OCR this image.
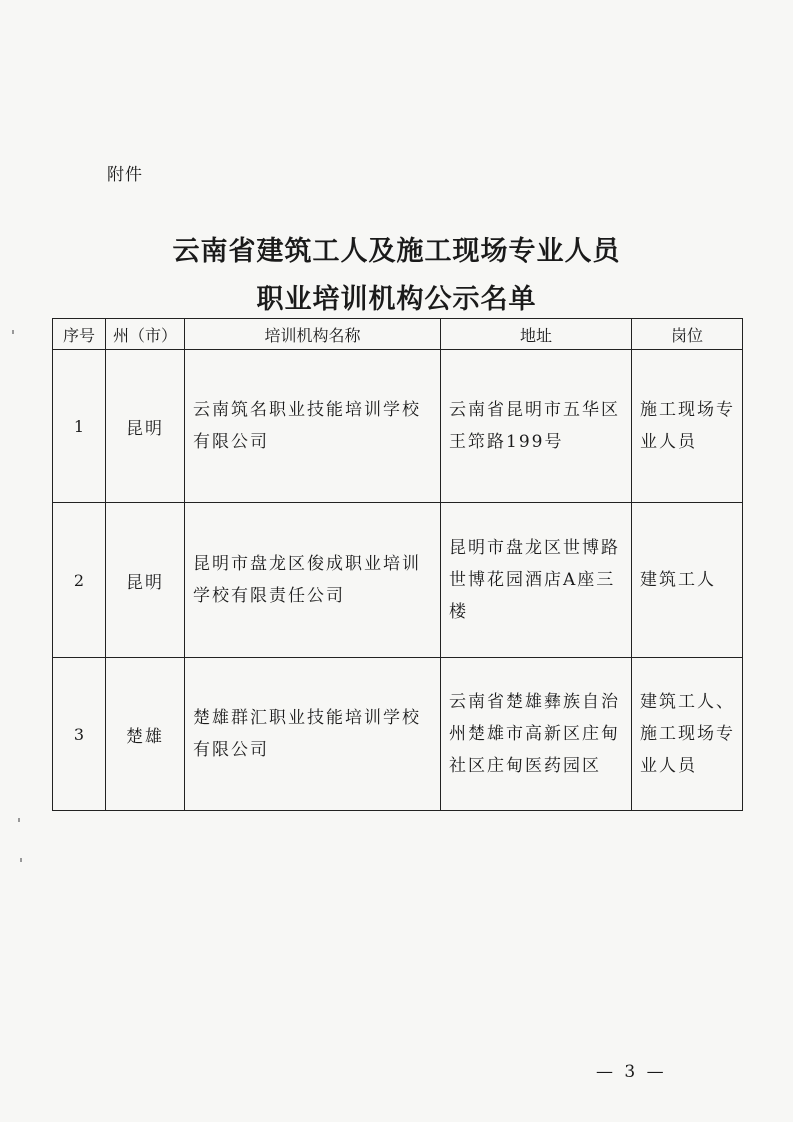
附件
云南省建筑工人及施工现场专业人员
职业培训机构公示名单
序号	州（市）	培训机构名称	地址	岗位
1	昆明	云南筑名职业技能培训学校有限公司	云南省昆明市五华区王筇路199号	施工现场专业人员
2	昆明	昆明市盘龙区俊成职业培训学校有限责任公司	昆明市盘龙区世博路世博花园酒店A座三楼	建筑工人
3	楚雄	楚雄群汇职业技能培训学校有限公司	云南省楚雄彝族自治州楚雄市高新区庄甸社区庄甸医药园区	建筑工人、施工现场专业人员
— 3 —
